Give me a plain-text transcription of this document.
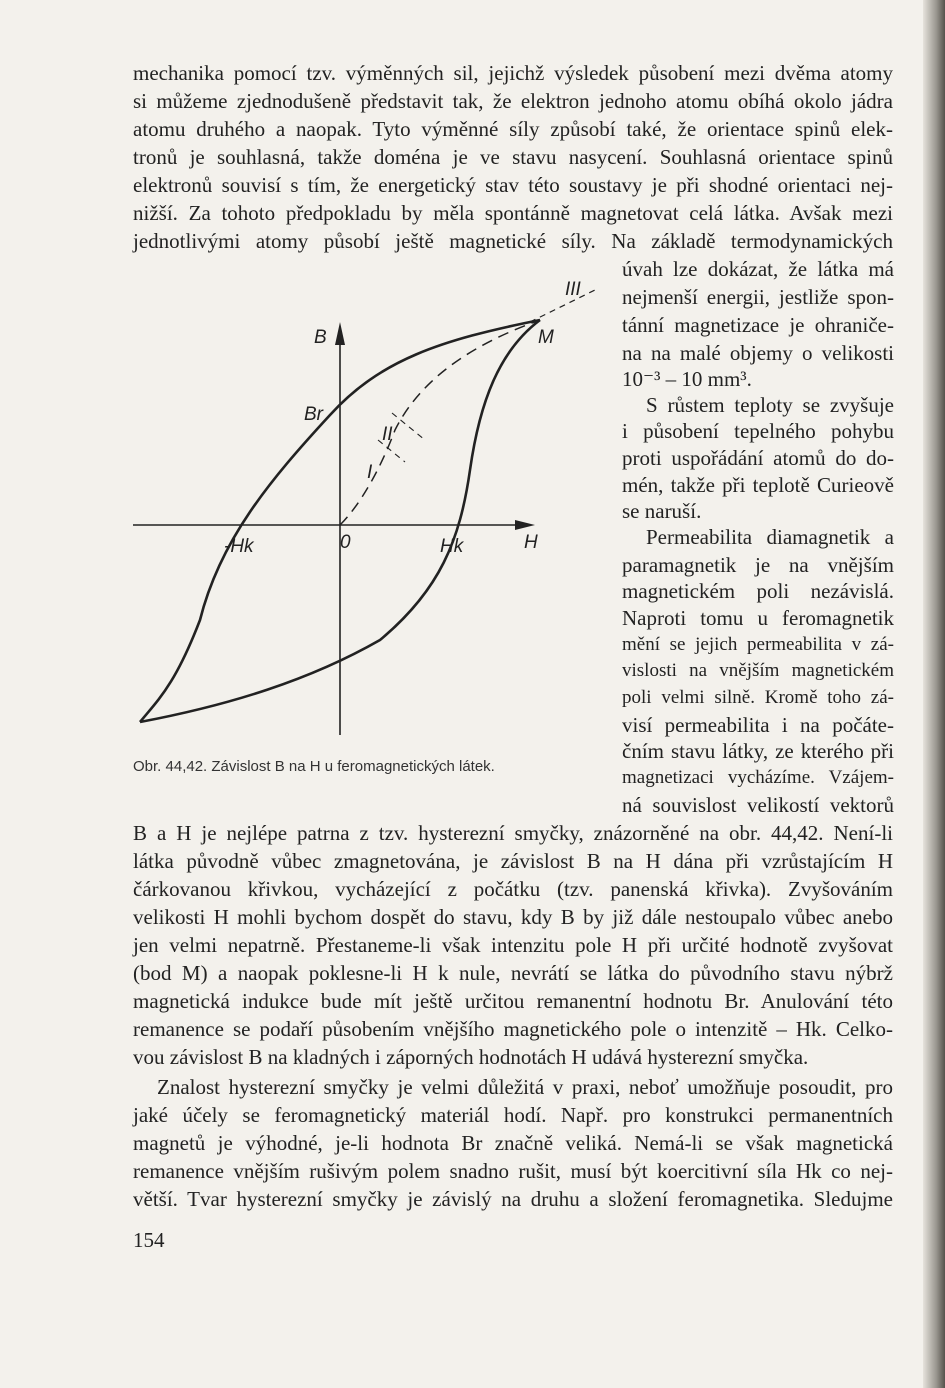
mechanika pomocí tzv. výměnných sil, jejichž výsledek působení mezi dvěma atomy
si můžeme zjednodušeně představit tak, že elektron jednoho atomu obíhá okolo jádra
atomu druhého a naopak. Tyto výměnné síly způsobí také, že orientace spinů elek-
tronů je souhlasná, takže doména je ve stavu nasycení. Souhlasná orientace spinů
elektronů souvisí s tím, že energetický stav této soustavy je při shodné orientaci nej-
nižší. Za tohoto předpokladu by měla spontánně magnetovat celá látka. Avšak mezi
jednotlivými atomy působí ještě magnetické síly. Na základě termodynamických
úvah lze dokázat, že látka má
nejmenší energii, jestliže spon-
tánní magnetizace je ohraniče-
na na malé objemy o velikosti
10⁻³ – 10 mm³.
S růstem teploty se zvyšuje
i působení tepelného pohybu
proti uspořádání atomů do do-
mén, takže při teplotě Curieově
se naruší.
Permeabilita diamagnetik a
paramagnetik je na vnějším
magnetickém poli nezávislá.
Naproti tomu u feromagnetik
mění se jejich permeabilita v zá-
vislosti na vnějším magnetickém
poli velmi silně. Kromě toho zá-
visí permeabilita i na počáte-
čním stavu látky, ze kterého při
magnetizaci vycházíme. Vzájem-
ná souvislost velikostí vektorů
B a H je nejlépe patrna z tzv. hysterezní smyčky, znázorněné na obr. 44,42. Není-li
látka původně vůbec zmagnetována, je závislost B na H dána při vzrůstajícím H
čárkovanou křivkou, vycházející z počátku (tzv. panenská křivka). Zvyšováním
velikosti H mohli bychom dospět do stavu, kdy B by již dále nestoupalo vůbec anebo
jen velmi nepatrně. Přestaneme-li však intenzitu pole H při určité hodnotě zvyšovat
(bod M) a naopak poklesne-li H k nule, nevrátí se látka do původního stavu nýbrž
magnetická indukce bude mít ještě určitou remanentní hodnotu Br. Anulování této
remanence se podaří působením vnějšího magnetického pole o intenzitě – Hk. Celko-
vou závislost B na kladných i záporných hodnotách H udává hysterezní smyčka.
Znalost hysterezní smyčky je velmi důležitá v praxi, neboť umožňuje posoudit, pro
jaké účely se feromagnetický materiál hodí. Např. pro konstrukci permanentních
magnetů je výhodné, je-li hodnota Br značně veliká. Nemá-li se však magnetická
remanence vnějším rušivým polem snadno rušit, musí být koercitivní síla Hk co nej-
větší. Tvar hysterezní smyčky je závislý na druhu a složení feromagnetika. Sledujme
B
Br
H
0	Hk
-Hk
M
I
II
III
Obr. 44,42. Závislost B na H u feromagnetických látek.
154
